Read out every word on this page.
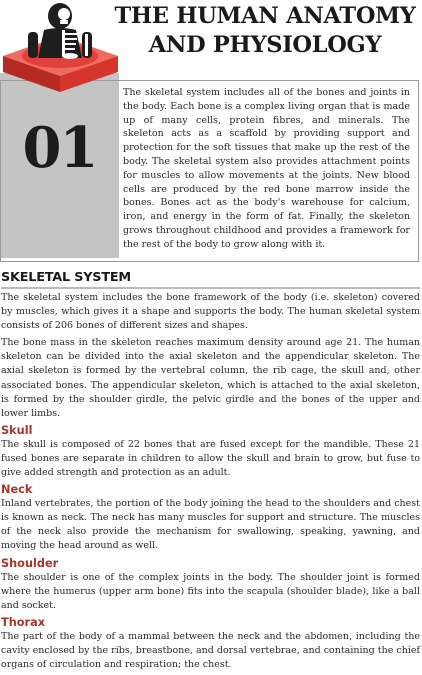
The skeletal system includes all of the bones and joints in the body. Each bone is a complex living organ that is made up of many cells, protein fibres, and minerals. The skeleton acts as a scaffold by providing support and protection for the soft tissues that make up the rest of the body. The skeletal system also provides attachment points for muscles to allow movements at the joints. New blood cells are produced by the red bone marrow inside the bones. Bones act as the body's warehouse for calcium, iron, and energy in the form of fat. Finally, the skeleton grows throughout childhood and provides a framework for the rest of the body to grow along with it.

01
THE HUMAN ANATOMY
AND PHYSIOLOGY
SKELETAL SYSTEM

The skeletal system includes the bone framework of the body (i.e. skeleton) covered by muscles, which gives it a shape and supports the body. The human skeletal system consists of 206 bones of different sizes and shapes.

The bone mass in the skeleton reaches maximum density around age 21. The human skeleton can be divided into the axial skeleton and the appendicular skeleton. The axial skeleton is formed by the vertebral column, the rib cage, the skull and, other associated bones. The appendicular skeleton, which is attached to the axial skeleton, is formed by the shoulder girdle, the pelvic girdle and the bones of the upper and lower limbs.

Skull

The skull is composed of 22 bones that are fused except for the mandible. These 21 fused bones are separate in children to allow the skull and brain to grow, but fuse to give added strength and protection as an adult.

Neck

Inland vertebrates, the portion of the body joining the head to the shoulders and chest is known as neck. The neck has many muscles for support and structure. The muscles of the neck also provide the mechanism for swallowing, speaking, yawning, and moving the head around as well.

Shoulder

The shoulder is one of the complex joints in the body. The shoulder joint is formed where the humerus (upper arm bone) fits into the scapula (shoulder blade), like a ball and socket.

Thorax

The part of the body of a mammal between the neck and the abdomen, including the cavity enclosed by the ribs, breastbone, and dorsal vertebrae, and containing the chief organs of circulation and respiration; the chest.
